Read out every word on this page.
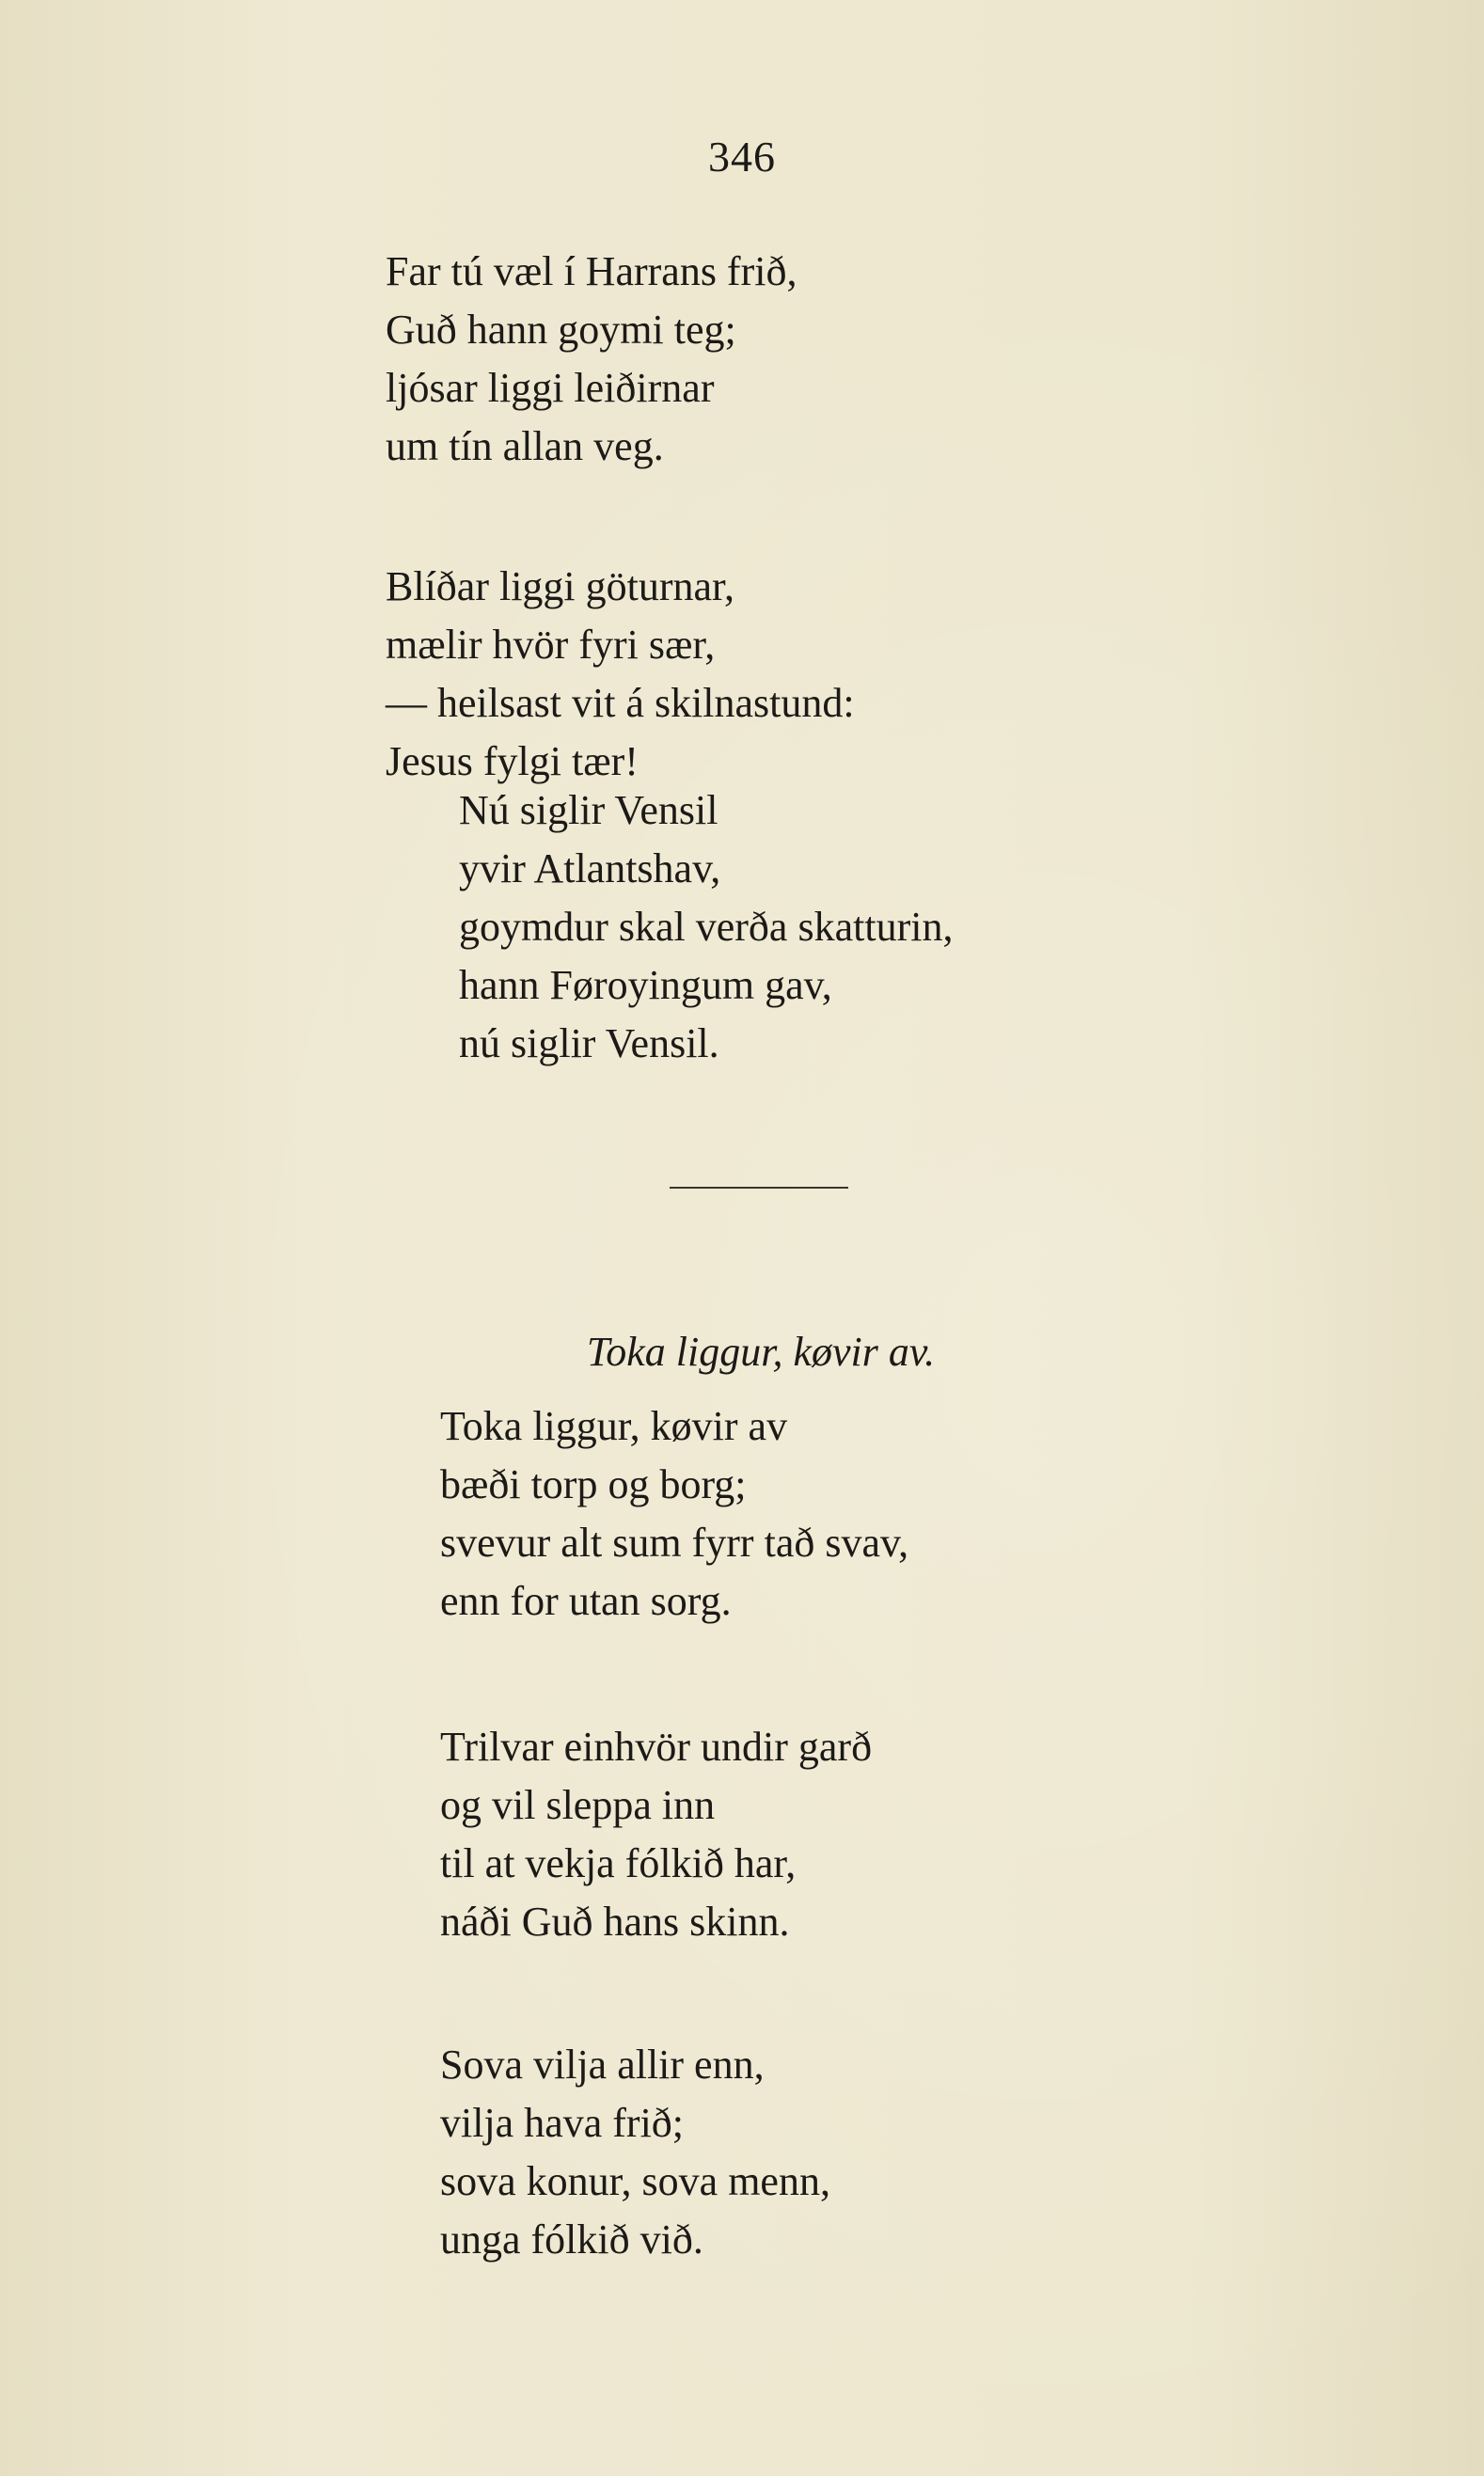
346
Far tú væl í Harrans frið,
Guð hann goymi teg;
ljósar liggi leiðirnar
um tín allan veg.
Blíðar liggi göturnar,
mælir hvör fyri sær,
— heilsast vit á skilnastund:
Jesus fylgi tær!
Nú siglir Vensil
yvir Atlantshav,
goymdur skal verða skatturin,
hann Føroyingum gav,
nú siglir Vensil.
Toka liggur, køvir av.
Toka liggur, køvir av
bæði torp og borg;
svevur alt sum fyrr tað svav,
enn for utan sorg.
Trilvar einhvör undir garð
og vil sleppa inn
til at vekja fólkið har,
náði Guð hans skinn.
Sova vilja allir enn,
vilja hava frið;
sova konur, sova menn,
unga fólkið við.
